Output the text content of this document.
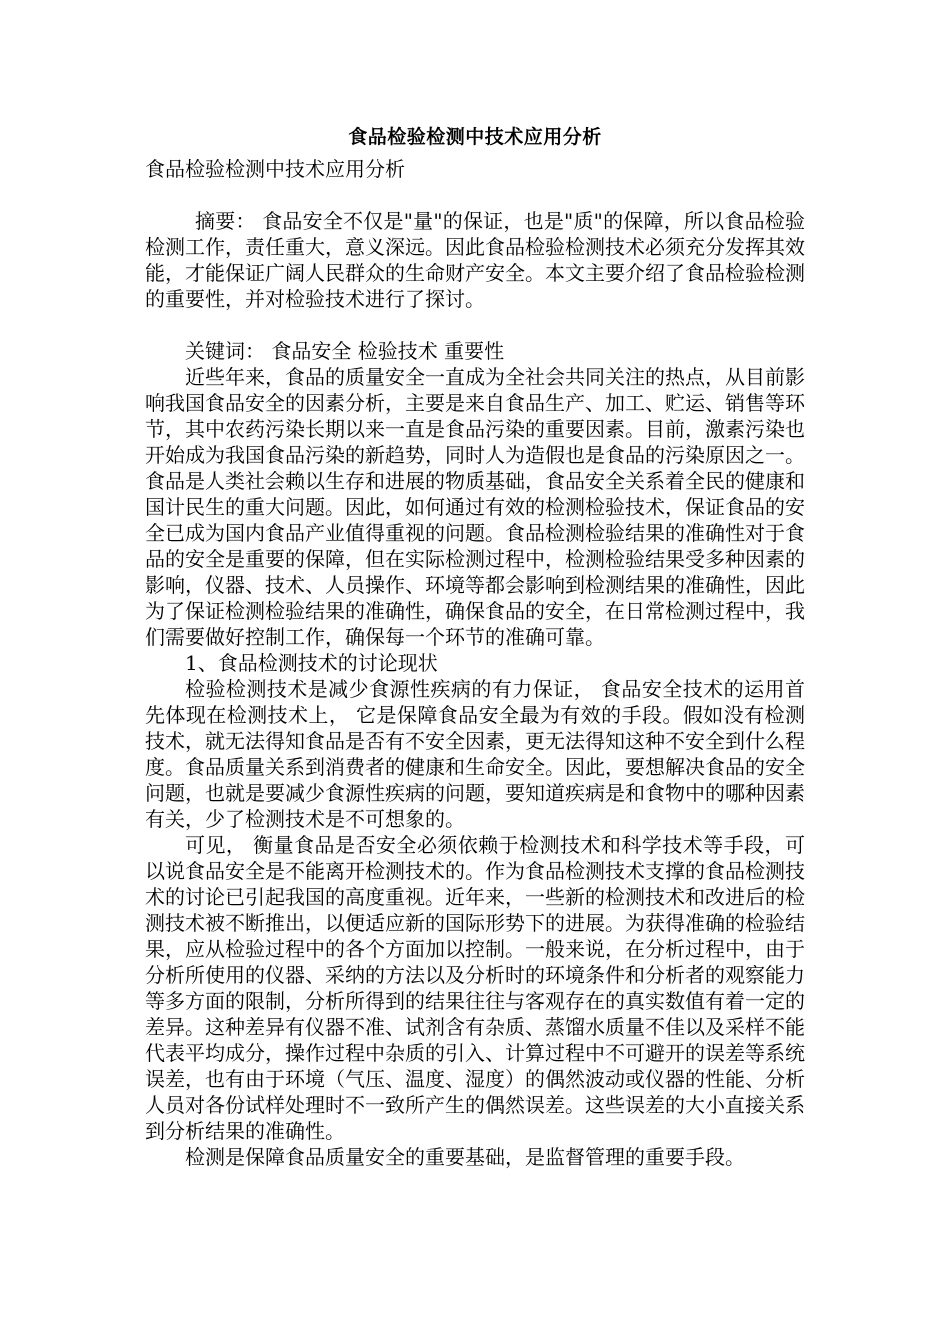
食品检验检测中技术应用分析

食品检验检测中技术应用分析

摘要： 食品安全不仅是"量"的保证，也是"质"的保障，所以食品检验检测工作，责任重大，意义深远。因此食品检验检测技术必须充分发挥其效能，才能保证广阔人民群众的生命财产安全。本文主要介绍了食品检验检测的重要性，并对检验技术进行了探讨。

关键词： 食品安全 检验技术 重要性

近些年来，食品的质量安全一直成为全社会共同关注的热点，从目前影响我国食品安全的因素分析，主要是来自食品生产、加工、贮运、销售等环节，其中农药污染长期以来一直是食品污染的重要因素。目前，激素污染也开始成为我国食品污染的新趋势，同时人为造假也是食品的污染原因之一。食品是人类社会赖以生存和进展的物质基础，食品安全关系着全民的健康和国计民生的重大问题。因此，如何通过有效的检测检验技术，保证食品的安全已成为国内食品产业值得重视的问题。食品检测检验结果的准确性对于食品的安全是重要的保障，但在实际检测过程中，检测检验结果受多种因素的影响，仪器、技术、人员操作、环境等都会影响到检测结果的准确性，因此为了保证检测检验结果的准确性，确保食品的安全，在日常检测过程中，我们需要做好控制工作，确保每一个环节的准确可靠。

1、食品检测技术的讨论现状

检验检测技术是减少食源性疾病的有力保证， 食品安全技术的运用首先体现在检测技术上， 它是保障食品安全最为有效的手段。假如没有检测技术，就无法得知食品是否有不安全因素，更无法得知这种不安全到什么程度。食品质量关系到消费者的健康和生命安全。因此，要想解决食品的安全问题，也就是要减少食源性疾病的问题，要知道疾病是和食物中的哪种因素有关，少了检测技术是不可想象的。

可见， 衡量食品是否安全必须依赖于检测技术和科学技术等手段，可以说食品安全是不能离开检测技术的。作为食品检测技术支撑的食品检测技术的讨论已引起我国的高度重视。近年来，一些新的检测技术和改进后的检测技术被不断推出，以便适应新的国际形势下的进展。为获得准确的检验结果，应从检验过程中的各个方面加以控制。一般来说，在分析过程中，由于分析所使用的仪器、采纳的方法以及分析时的环境条件和分析者的观察能力等多方面的限制，分析所得到的结果往往与客观存在的真实数值有着一定的差异。这种差异有仪器不准、试剂含有杂质、蒸馏水质量不佳以及采样不能代表平均成分，操作过程中杂质的引入、计算过程中不可避开的误差等系统误差，也有由于环境（气压、温度、湿度）的偶然波动或仪器的性能、分析人员对各份试样处理时不一致所产生的偶然误差。这些误差的大小直接关系到分析结果的准确性。

检测是保障食品质量安全的重要基础，是监督管理的重要手段。
